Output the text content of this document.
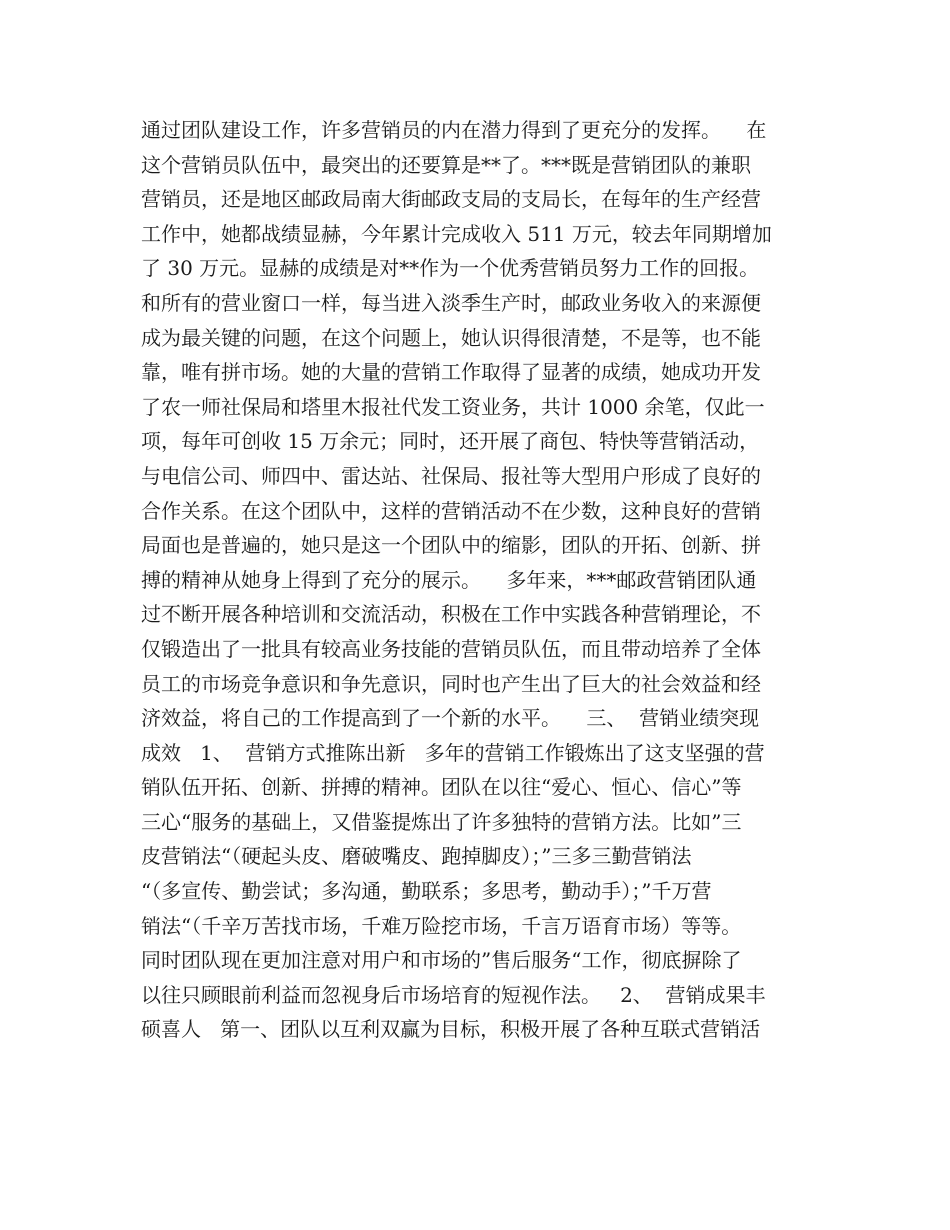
通过团队建设工作，许多营销员的内在潜力得到了更充分的发挥。    在
这个营销员队伍中，最突出的还要算是**了。***既是营销团队的兼职
营销员，还是地区邮政局南大街邮政支局的支局长，在每年的生产经营
工作中，她都战绩显赫，今年累计完成收入 511 万元，较去年同期增加
了 30 万元。显赫的成绩是对**作为一个优秀营销员努力工作的回报。
和所有的营业窗口一样，每当进入淡季生产时，邮政业务收入的来源便
成为最关键的问题，在这个问题上，她认识得很清楚，不是等，也不能
靠，唯有拼市场。她的大量的营销工作取得了显著的成绩，她成功开发
了农一师社保局和塔里木报社代发工资业务，共计 1000 余笔，仅此一
项，每年可创收 15 万余元；同时，还开展了商包、特快等营销活动，
与电信公司、师四中、雷达站、社保局、报社等大型用户形成了良好的
合作关系。在这个团队中，这样的营销活动不在少数，这种良好的营销
局面也是普遍的，她只是这一个团队中的缩影，团队的开拓、创新、拼
搏的精神从她身上得到了充分的展示。    多年来，***邮政营销团队通
过不断开展各种培训和交流活动，积极在工作中实践各种营销理论，不
仅锻造出了一批具有较高业务技能的营销员队伍，而且带动培养了全体
员工的市场竞争意识和争先意识，同时也产生出了巨大的社会效益和经
济效益，将自己的工作提高到了一个新的水平。    三、  营销业绩突现
成效   1、  营销方式推陈出新   多年的营销工作锻炼出了这支坚强的营
销队伍开拓、创新、拼搏的精神。团队在以往“爱心、恒心、信心”等
三心“服务的基础上，又借鉴提炼出了许多独特的营销方法。比如”三
皮营销法“（硬起头皮、磨破嘴皮、跑掉脚皮）；”三多三勤营销法
“（多宣传、勤尝试；多沟通，勤联系；多思考，勤动手）；”千万营
销法“（千辛万苦找市场，千难万险挖市场，千言万语育市场）等等。
同时团队现在更加注意对用户和市场的”售后服务“工作，彻底摒除了
以往只顾眼前利益而忽视身后市场培育的短视作法。   2、  营销成果丰
硕喜人   第一、团队以互利双赢为目标，积极开展了各种互联式营销活
